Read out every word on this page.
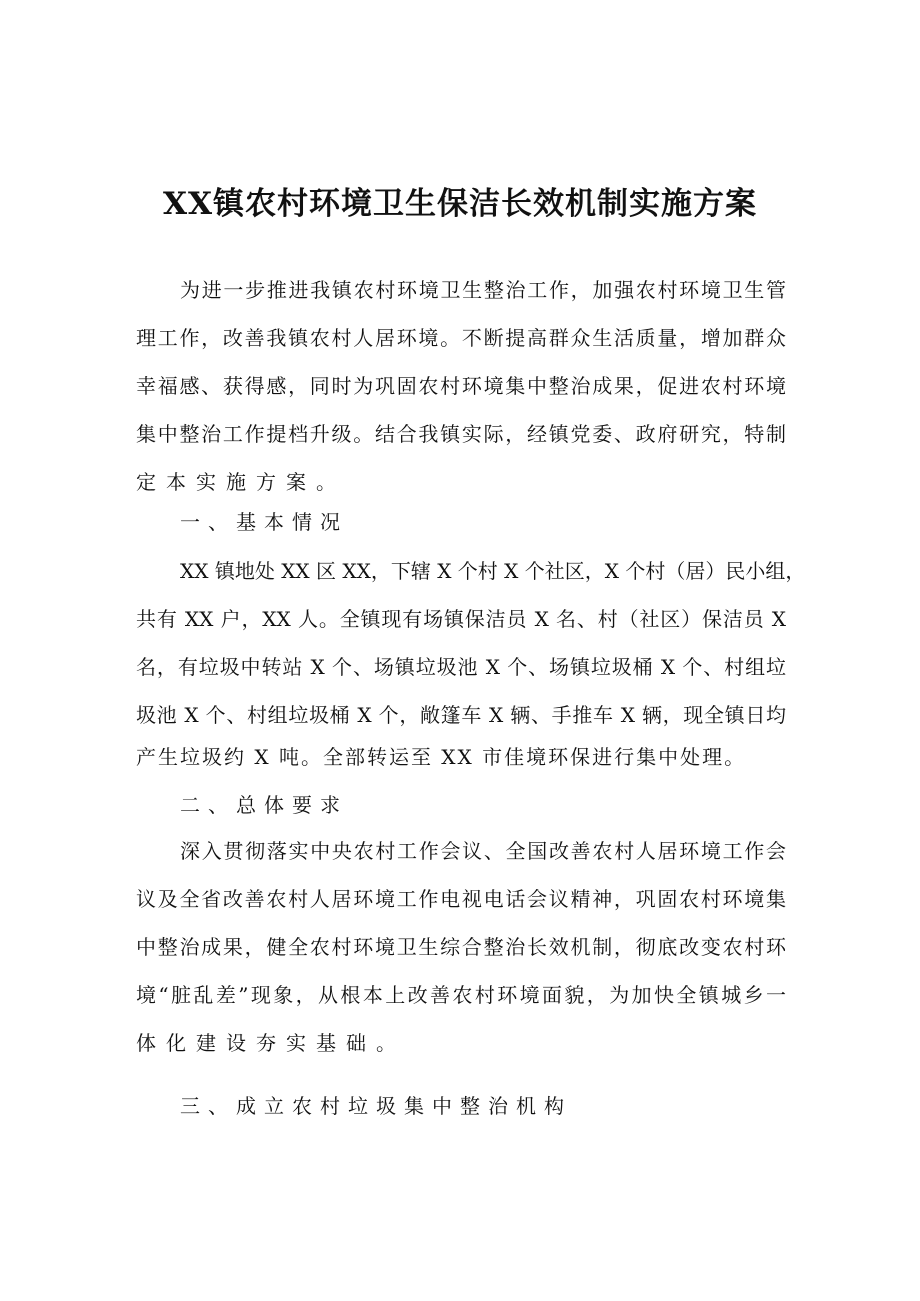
XX镇农村环境卫生保洁长效机制实施方案
为进一步推进我镇农村环境卫生整治工作，加强农村环境卫生管
理工作，改善我镇农村人居环境。不断提高群众生活质量，增加群众
幸福感、获得感，同时为巩固农村环境集中整治成果，促进农村环境
集中整治工作提档升级。结合我镇实际，经镇党委、政府研究，特制
定本实施方案。
一、基本情况
XX 镇地处 XX 区 XX，下辖 X 个村 X 个社区，X 个村（居）民小组，
共有 XX 户，XX 人。全镇现有场镇保洁员 X 名、村（社区）保洁员 X
名，有垃圾中转站 X 个、场镇垃圾池 X 个、场镇垃圾桶 X 个、村组垃
圾池 X 个、村组垃圾桶 X 个，敞篷车 X 辆、手推车 X 辆，现全镇日均
产生垃圾约 X 吨。全部转运至 XX 市佳境环保进行集中处理。
二、总体要求
深入贯彻落实中央农村工作会议、全国改善农村人居环境工作会
议及全省改善农村人居环境工作电视电话会议精神，巩固农村环境集
中整治成果，健全农村环境卫生综合整治长效机制，彻底改变农村环
境“脏乱差”现象，从根本上改善农村环境面貌，为加快全镇城乡一
体化建设夯实基础。
三、成立农村垃圾集中整治机构
